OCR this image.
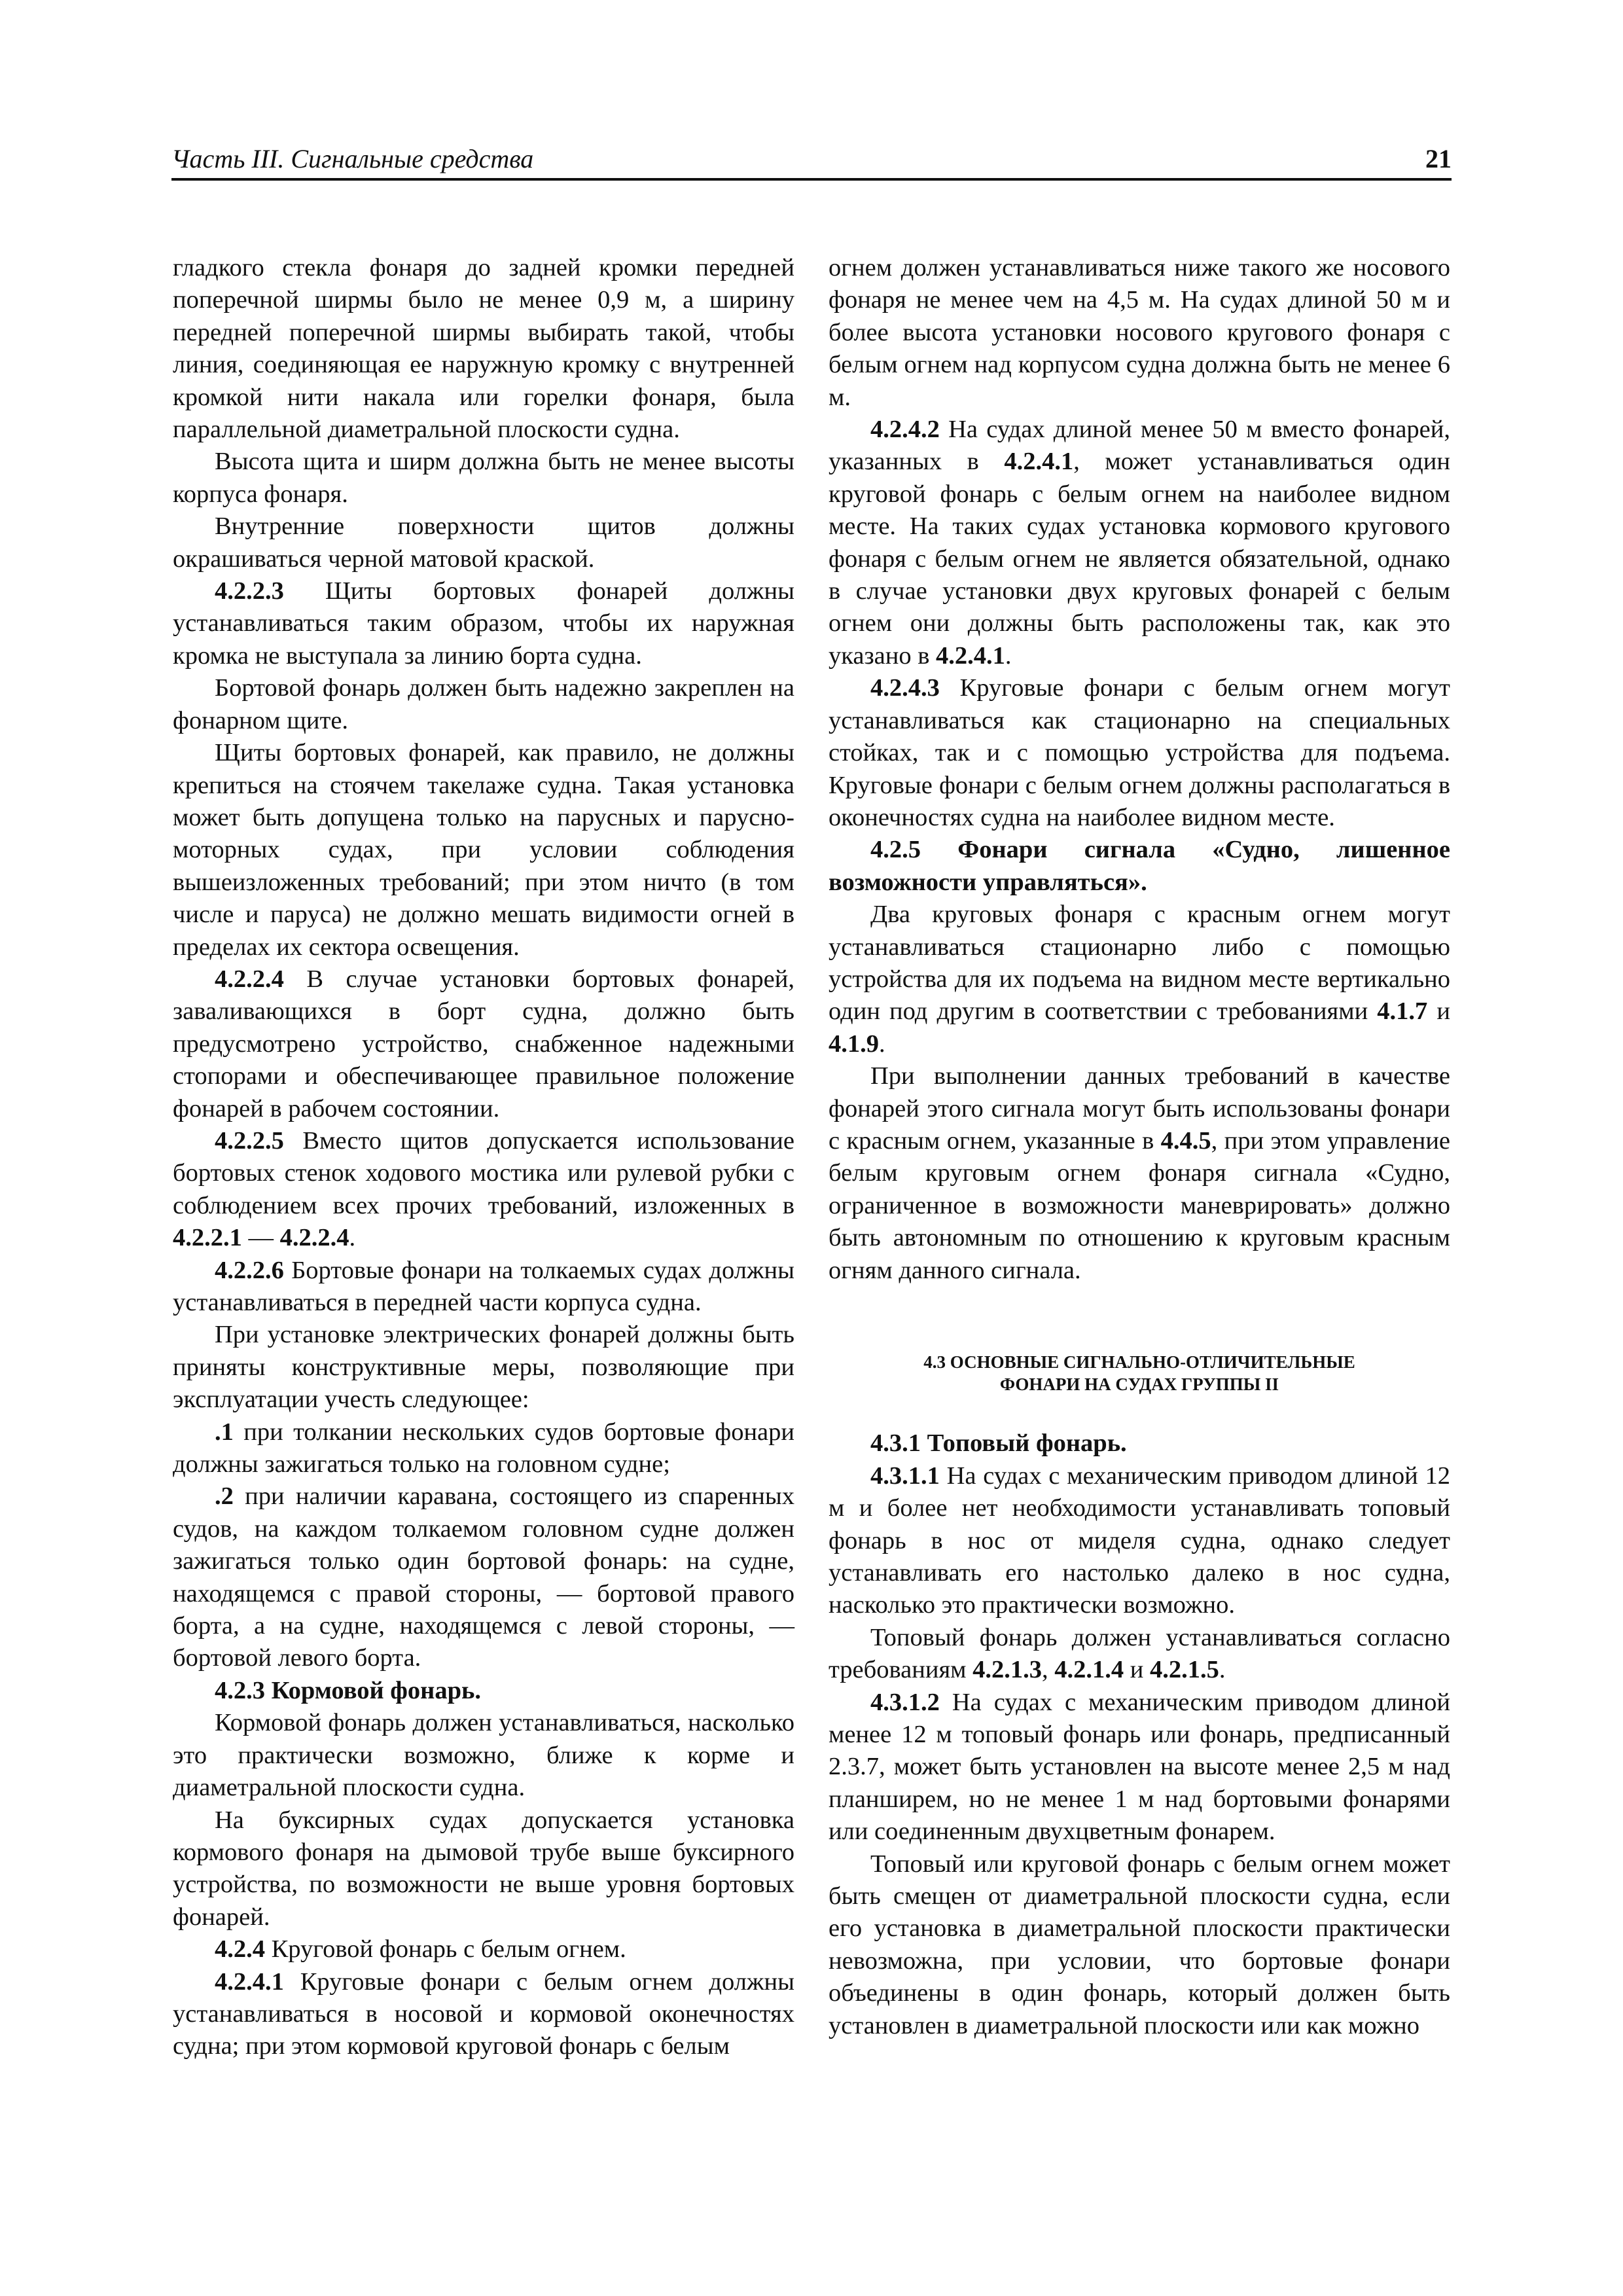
Часть III. Сигнальные средства	21

гладкого стекла фонаря до задней кромки передней поперечной ширмы было не менее 0,9 м, а ширину передней поперечной ширмы выбирать такой, чтобы линия, соединяющая ее наружную кромку с внутренней кромкой нити накала или горелки фонаря, была параллельной диаметральной плоскости судна.

Высота щита и ширм должна быть не менее высоты корпуса фонаря.

Внутренние поверхности щитов должны окрашиваться черной матовой краской.

4.2.2.3 Щиты бортовых фонарей должны устанавливаться таким образом, чтобы их наружная кромка не выступала за линию борта судна.

Бортовой фонарь должен быть надежно закреплен на фонарном щите.

Щиты бортовых фонарей, как правило, не должны крепиться на стоячем такелаже судна. Такая установка может быть допущена только на парусных и парусно-моторных судах, при условии соблюдения вышеизложенных требований; при этом ничто (в том числе и паруса) не должно мешать видимости огней в пределах их сектора освещения.

4.2.2.4 В случае установки бортовых фонарей, заваливающихся в борт судна, должно быть предусмотрено устройство, снабженное надежными стопорами и обеспечивающее правильное положение фонарей в рабочем состоянии.

4.2.2.5 Вместо щитов допускается использование бортовых стенок ходового мостика или рулевой рубки с соблюдением всех прочих требований, изложенных в 4.2.2.1 — 4.2.2.4.

4.2.2.6 Бортовые фонари на толкаемых судах должны устанавливаться в передней части корпуса судна.

При установке электрических фонарей должны быть приняты конструктивные меры, позволяющие при эксплуатации учесть следующее:

.1 при толкании нескольких судов бортовые фонари должны зажигаться только на головном судне;

.2 при наличии каравана, состоящего из спаренных судов, на каждом толкаемом головном судне должен зажигаться только один бортовой фонарь: на судне, находящемся с правой стороны, — бортовой правого борта, а на судне, находящемся с левой стороны, — бортовой левого борта.

4.2.3 Кормовой фонарь.

Кормовой фонарь должен устанавливаться, насколько это практически возможно, ближе к корме и диаметральной плоскости судна.

На буксирных судах допускается установка кормового фонаря на дымовой трубе выше буксирного устройства, по возможности не выше уровня бортовых фонарей.

4.2.4 Круговой фонарь с белым огнем.

4.2.4.1 Круговые фонари с белым огнем должны устанавливаться в носовой и кормовой оконечностях судна; при этом кормовой круговой фонарь с белым

огнем должен устанавливаться ниже такого же носового фонаря не менее чем на 4,5 м. На судах длиной 50 м и более высота установки носового кругового фонаря с белым огнем над корпусом судна должна быть не менее 6 м.

4.2.4.2 На судах длиной менее 50 м вместо фонарей, указанных в 4.2.4.1, может устанавливаться один круговой фонарь с белым огнем на наиболее видном месте. На таких судах установка кормового кругового фонаря с белым огнем не является обязательной, однако в случае установки двух круговых фонарей с белым огнем они должны быть расположены так, как это указано в 4.2.4.1.

4.2.4.3 Круговые фонари с белым огнем могут устанавливаться как стационарно на специальных стойках, так и с помощью устройства для подъема. Круговые фонари с белым огнем должны располагаться в оконечностях судна на наиболее видном месте.

4.2.5 Фонари сигнала «Судно, лишенное возможности управляться».

Два круговых фонаря с красным огнем могут устанавливаться стационарно либо с помощью устройства для их подъема на видном месте вертикально один под другим в соответствии с требованиями 4.1.7 и 4.1.9.

При выполнении данных требований в качестве фонарей этого сигнала могут быть использованы фонари с красным огнем, указанные в 4.4.5, при этом управление белым круговым огнем фонаря сигнала «Судно, ограниченное в возможности маневрировать» должно быть автономным по отношению к круговым красным огням данного сигнала.

4.3 ОСНОВНЫЕ СИГНАЛЬНО-ОТЛИЧИТЕЛЬНЫЕ
ФОНАРИ НА СУДАХ ГРУППЫ II

4.3.1 Топовый фонарь.

4.3.1.1 На судах с механическим приводом длиной 12 м и более нет необходимости устанавливать топовый фонарь в нос от миделя судна, однако следует устанавливать его настолько далеко в нос судна, насколько это практически возможно.

Топовый фонарь должен устанавливаться согласно требованиям 4.2.1.3, 4.2.1.4 и 4.2.1.5.

4.3.1.2 На судах с механическим приводом длиной менее 12 м топовый фонарь или фонарь, предписанный 2.3.7, может быть установлен на высоте менее 2,5 м над планширем, но не менее 1 м над бортовыми фонарями или соединенным двухцветным фонарем.

Топовый или круговой фонарь с белым огнем может быть смещен от диаметральной плоскости судна, если его установка в диаметральной плоскости практически невозможна, при условии, что бортовые фонари объединены в один фонарь, который должен быть установлен в диаметральной плоскости или как можно
